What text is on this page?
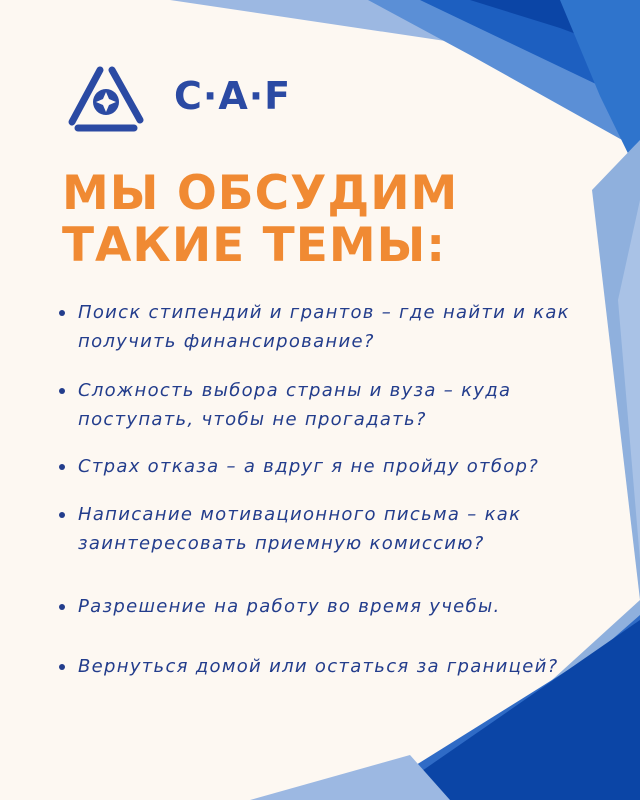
C·A·F
МЫ ОБСУДИМ
ТАКИЕ ТЕМЫ:
Поиск стипендий и грантов – где найти и как получить финансирование?
Сложность выбора страны и вуза – куда поступать, чтобы не прогадать?
Страх отказа – а вдруг я не пройду отбор?
Написание мотивационного письма – как заинтересовать приемную комиссию?
Разрешение на работу во время учебы.
Вернуться домой или остаться за границей?
